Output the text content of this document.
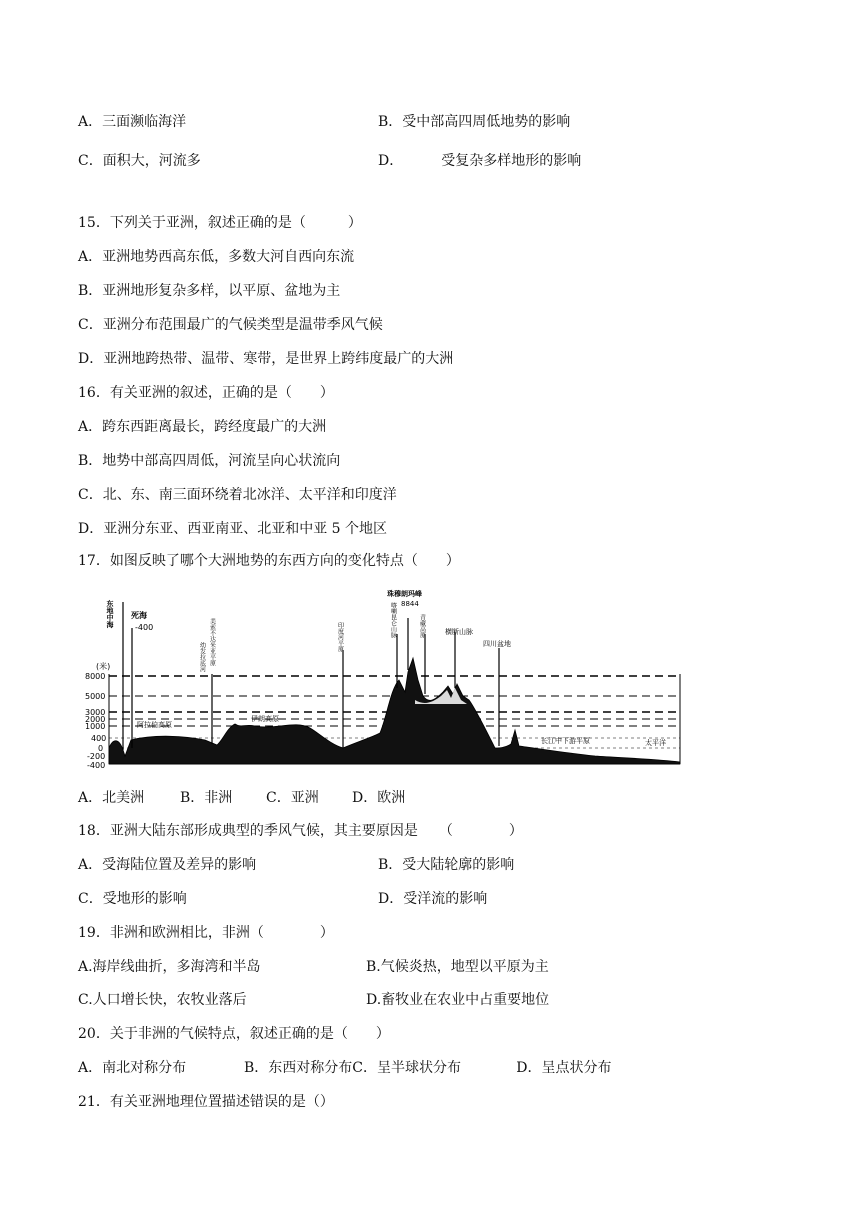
A．三面濒临海洋	B．受中部高四周低地势的影响
C．面积大，河流多	D．	受复杂多样地形的影响
15．下列关于亚洲，叙述正确的是（　　　）
A．亚洲地势西高东低，多数大河自西向东流
B．亚洲地形复杂多样，以平原、盆地为主
C．亚洲分布范围最广的气候类型是温带季风气候
D．亚洲地跨热带、温带、寒带，是世界上跨纬度最广的大洲
16．有关亚洲的叙述，正确的是（　　）
A．跨东西距离最长，跨经度最广的大洲
B．地势中部高四周低，河流呈向心状流向
C．北、东、南三面环绕着北冰洋、太平洋和印度洋
D．亚洲分东亚、西亚南亚、北亚和中亚 5 个地区
17．如图反映了哪个大洲地势的东西方向的变化特点（　　）
(米)
8000
5000
3000
2000
1000
400
0
-200
-400
东地中海 死海
-400
幼发拉底河 美索不达米亚平原	印度河平原	喀喇昆仑山脉
珠穆朗玛峰
8844
青藏高原	横断山脉
四川盆地
阿拉伯高原
伊朗高原
长江中下游平原	太平洋
A．北美洲	B．非洲 C．亚洲 D．欧洲
18．亚洲大陆东部形成典型的季风气候，其主要原因是　　（　　　　）
A．受海陆位置及差异的影响	B．受大陆轮廓的影响
C．受地形的影响	D．受洋流的影响
19．非洲和欧洲相比，非洲（　　　　）
A.海岸线曲折，多海湾和半岛	B.气候炎热，地型以平原为主
C.人口增长快，农牧业落后	D.畜牧业在农业中占重要地位
20．关于非洲的气候特点，叙述正确的是（　　）
A．南北对称分布	B．东西对称分布C．呈半球状分布	D．呈点状分布
21．有关亚洲地理位置描述错误的是（）
